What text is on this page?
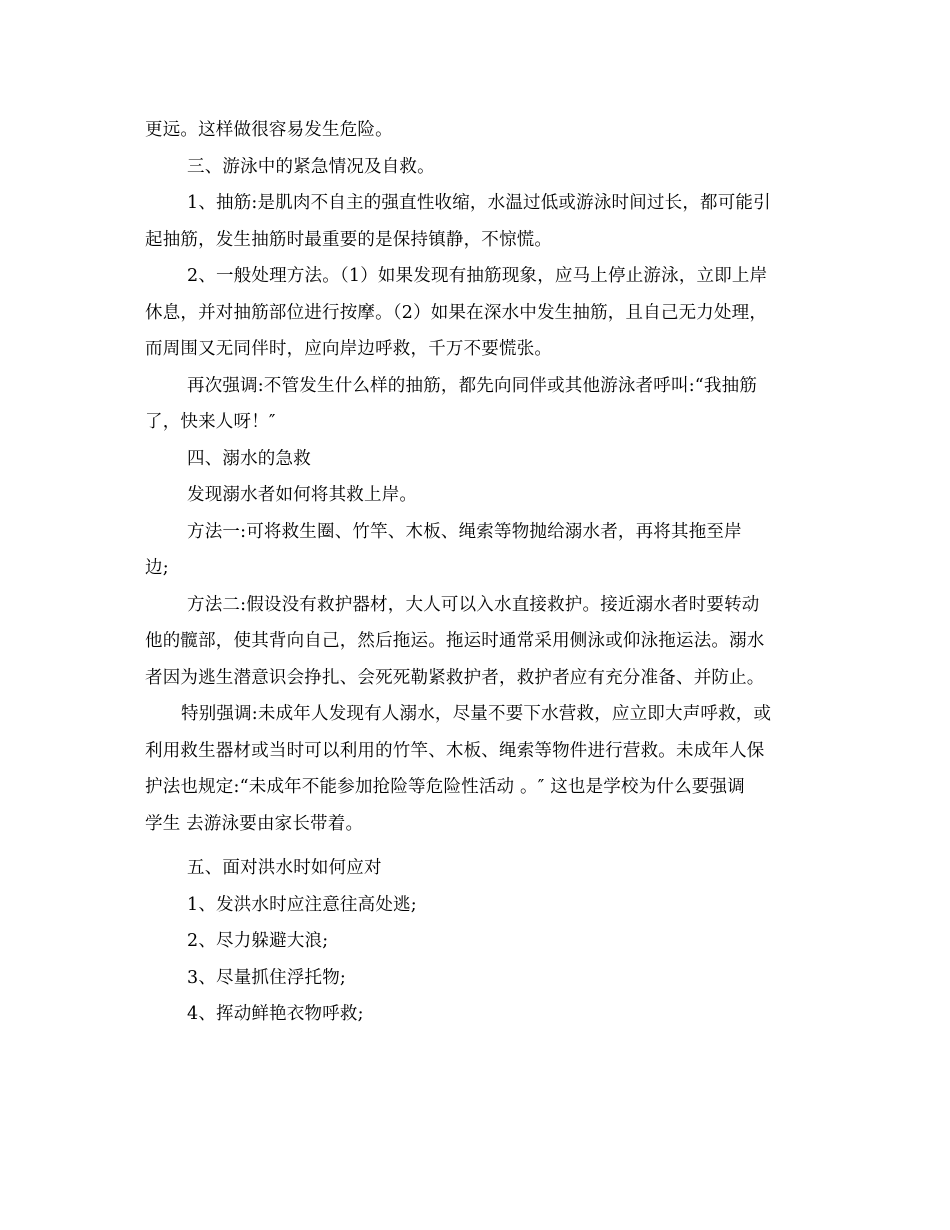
更远。这样做很容易发生危险。

三、游泳中的紧急情况及自救。

1、抽筋:是肌肉不自主的强直性收缩，水温过低或游泳时间过长，都可能引

起抽筋，发生抽筋时最重要的是保持镇静，不惊慌。

2、一般处理方法。（1）如果发现有抽筋现象，应马上停止游泳，立即上岸

休息，并对抽筋部位进行按摩。（2）如果在深水中发生抽筋，且自己无力处理，

而周围又无同伴时，应向岸边呼救，千万不要慌张。

再次强调:不管发生什么样的抽筋，都先向同伴或其他游泳者呼叫:“我抽筋

了，快来人呀！″

四、溺水的急救

发现溺水者如何将其救上岸。

方法一:可将救生圈、竹竿、木板、绳索等物抛给溺水者，再将其拖至岸

边;

方法二:假设没有救护器材，大人可以入水直接救护。接近溺水者时要转动

他的髋部，使其背向自己，然后拖运。拖运时通常采用侧泳或仰泳拖运法。溺水

者因为逃生潜意识会挣扎、会死死勒紧救护者，救护者应有充分准备、并防止。

特别强调:未成年人发现有人溺水，尽量不要下水营救，应立即大声呼救，或

利用救生器材或当时可以利用的竹竿、木板、绳索等物件进行营救。未成年人保

护法也规定:“未成年不能参加抢险等危险性活动 。″ 这也是学校为什么要强调

学生 去游泳要由家长带着。

五、面对洪水时如何应对

1、发洪水时应注意往高处逃;

2、尽力躲避大浪;

3、尽量抓住浮托物;

4、挥动鲜艳衣物呼救;
